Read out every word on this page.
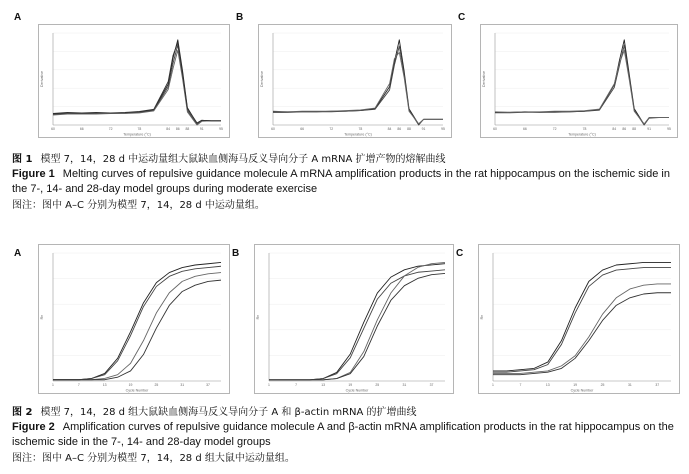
A
60	66	72	78	84 86 88	91	95
Temperature (°C)
Derivative
B
60	66	72	78	84 86 88	91	95
Temperature (°C)
Derivative
C
60	66	72	78	84 86 88	91	95
Temperature (°C)
Derivative
图 1 模型 7，14，28 d 中运动量组大鼠缺血侧海马反义导向分子 A mRNA 扩增产物的熔解曲线
Figure 1 Melting curves of repulsive guidance molecule A mRNA amplification products in the rat hippocampus on the ischemic side in the 7-, 14- and 28-day model groups during moderate exercise
图注：图中 A–C 分别为模型 7，14，28 d 中运动量组。
A
1	7	13	19	25	31	37
Cycle Number
Rn
B
1	7	13	19	25	31	37
Cycle Number
Rn
C
1	7	13	19	25	31	37
Cycle Number
Rn
图 2 模型 7，14，28 d 组大鼠缺血侧海马反义导向分子 A 和 β-actin mRNA 的扩增曲线
Figure 2 Amplification curves of repulsive guidance molecule A and β-actin mRNA amplification products in the rat hippocampus on the ischemic side in the 7-, 14- and 28-day model groups
图注：图中 A–C 分别为模型 7，14，28 d 组大鼠中运动量组。
